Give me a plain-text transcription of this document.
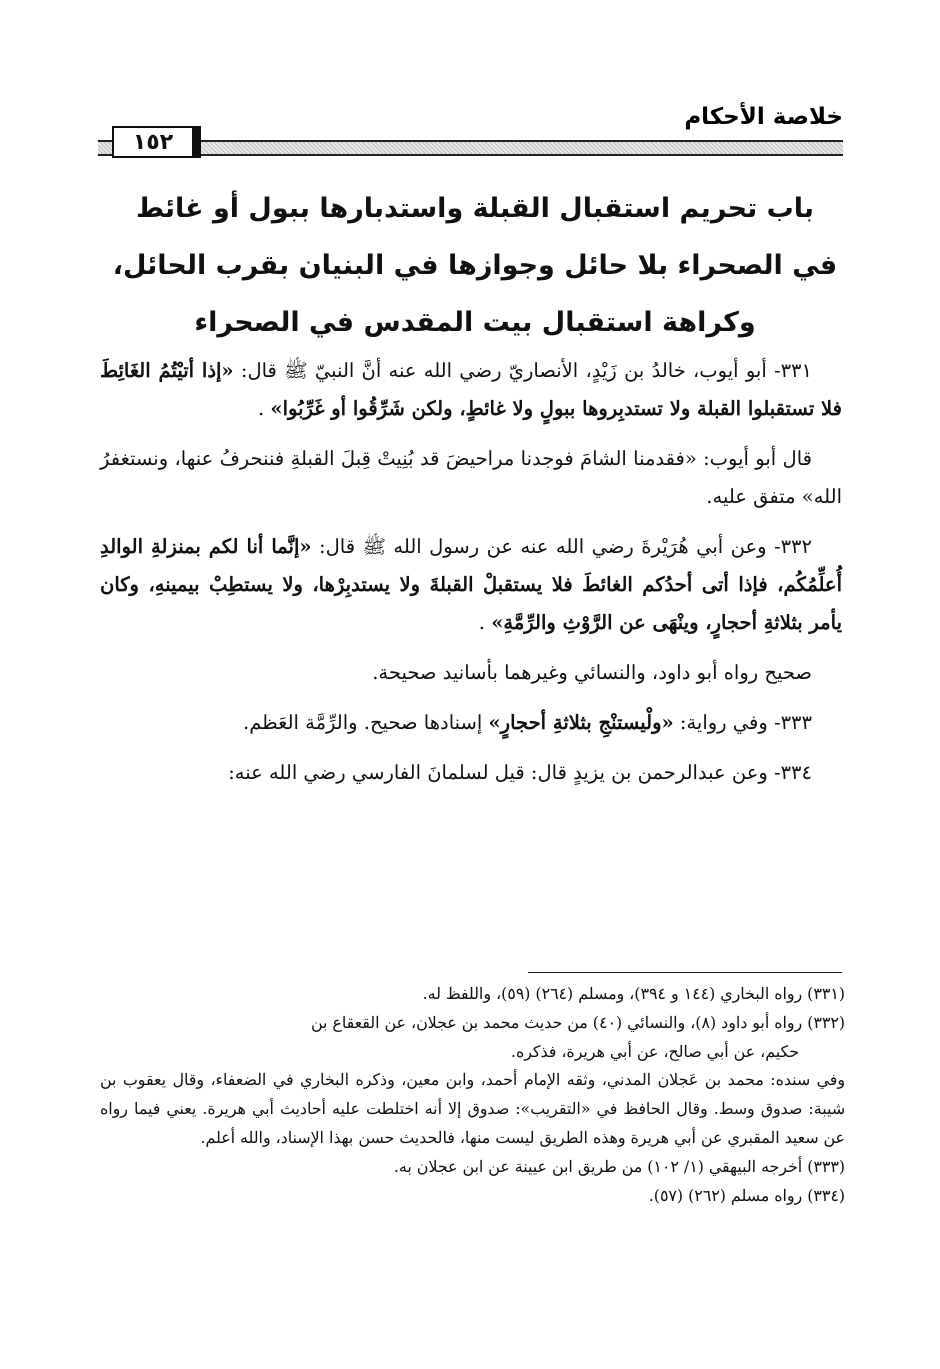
خلاصة الأحكام
١٥٢
باب تحريم استقبال القبلة واستدبارها ببول أو غائط
في الصحراء بلا حائل وجوازها في البنيان بقرب الحائل،
وكراهة استقبال بيت المقدس في الصحراء

٣٣١- أبو أيوب، خالدُ بن زَيْدٍ، الأنصاريّ رضي الله عنه أنَّ النبيّ ﷺ قال: «إذا أتيْتُمُ الغَائِطَ فلا تستقبلوا القبلة ولا تستدبِروها ببولٍ ولا غائطٍ، ولكن شَرِّقُوا أو غَرِّبُوا» .

قال أبو أيوب: «فقدمنا الشامَ فوجدنا مراحيضَ قد بُنِيتْ قِبلَ القبلةِ فننحرفُ عنها، ونستغفرُ الله» متفق عليه.

٣٣٢- وعن أبي هُرَيْرةَ رضي الله عنه عن رسول الله ﷺ قال: «إنَّما أنا لكم بمنزلةِ الوالدِ أُعلِّمُكُم، فإذا أتى أحدُكم الغائطَ فلا يستقبلْ القبلةَ ولا يستدبِرْها، ولا يستطِبْ بيمينهِ، وكان يأمر بثلاثةِ أحجارٍ، وينْهَى عن الرَّوْثِ والرِّمَّةِ» .

صحيح رواه أبو داود، والنسائي وغيرهما بأسانيد صحيحة.

٣٣٣- وفي رواية: «ولْيستنْجِ بثلاثةِ أحجارٍ» إسنادها صحيح. والرِّمَّة العَظم.

٣٣٤- وعن عبدالرحمن بن يزيدٍ قال: قيل لسلمانَ الفارسي رضي الله عنه:

(٣٣١) رواه البخاري (١٤٤ و ٣٩٤)، ومسلم (٢٦٤) (٥٩)، واللفظ له.

(٣٣٢) رواه أبو داود (٨)، والنسائي (٤٠) من حديث محمد بن عجلان، عن القعقاع بن

حكيم، عن أبي صالح، عن أبي هريرة، فذكره.

وفي سنده: محمد بن عَجلان المدني، وثقه الإمام أحمد، وابن معين، وذكره البخاري في الضعفاء، وقال يعقوب بن شيبة: صدوق وسط. وقال الحافظ في «التقريب»: صدوق إلا أنه اختلطت عليه أحاديث أبي هريرة. يعني فيما رواه عن سعيد المقبري عن أبي هريرة وهذه الطريق ليست منها، فالحديث حسن بهذا الإسناد، والله أعلم.

(٣٣٣) أخرجه البيهقي (١/ ١٠٢) من طريق ابن عيينة عن ابن عجلان به.

(٣٣٤) رواه مسلم (٢٦٢) (٥٧).
